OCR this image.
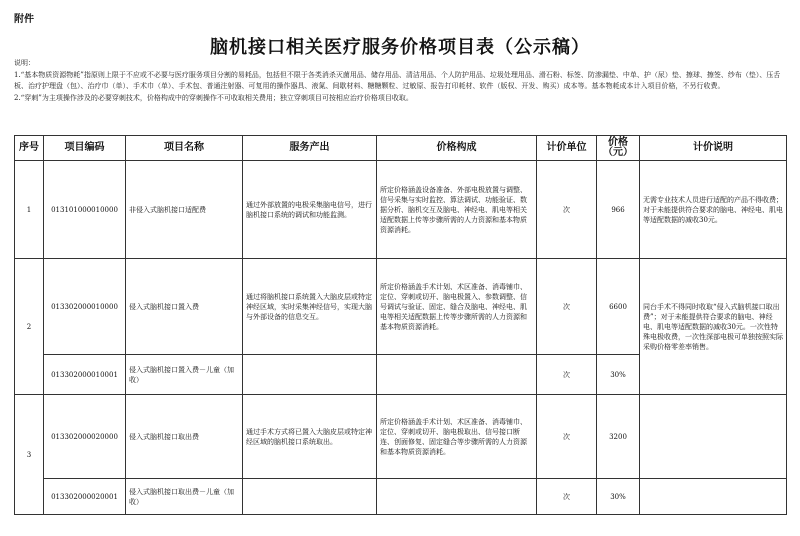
附件
脑机接口相关医疗服务价格项目表（公示稿）
说明：
1.“基本物质资源物耗”指原则上限于不应或不必要与医疗服务项目分割的易耗品，包括但不限于各类消杀灭菌用品、储存用品、清洁用品、个人防护用品、垃圾处理用品、滑石粉、标签、防渗漏垫、中单、护（尿）垫、擦球、擦签、纱布（垫）、压舌板、治疗护理盘（包）、治疗巾（单）、手术巾（单）、手术包、普通注射器、可复用的操作器具、液氮、间歇材料、糖糖颗粒、过敏原、报告打印耗材、软件（版权、开发、购买）成本等。基本物耗成本计入项目价格，不另行收费。
2.“穿刺”为主项操作涉及的必要穿刺技术，价格构成中的穿刺操作不可收取相关费用；独立穿刺项目可按相应治疗价格项目收取。
序号	项目编码	项目名称	服务产出	价格构成	计价单位	价格（元）	计价说明
1	013101000010000	非侵入式脑机接口适配费	通过外部放置的电极采集脑电信号，进行脑机接口系统的调试和功能监测。	所定价格涵盖设备准备、外部电极放置与调整、信号采集与实时监控、算法调试、功能验证、数据分析、脑机交互及脑电、神经电、肌电等相关适配数据上传等步骤所需的人力资源和基本物质资源消耗。	次	966	无需专业技术人员进行适配的产品不得收费；对于未能提供符合要求的脑电、神经电、肌电等适配数据的减收30元。
2	013302000010000	侵入式脑机接口置入费	通过将脑机接口系统置入大脑皮层或特定神经区域，实时采集神经信号，实现大脑与外部设备的信息交互。	所定价格涵盖手术计划、术区准备、消毒铺巾、定位、穿刺或切开、脑电极置入、参数调整、信号调试与验证、固定、缝合及脑电、神经电、肌电等相关适配数据上传等步骤所需的人力资源和基本物质资源消耗。	次	6600	同台手术不得同时收取“侵入式脑机接口取出费”；对于未能提供符合要求的脑电、神经电、肌电等适配数据的减收30元。一次性特殊电极收费，一次性深部电极可单独按照实际采购价格零差率销售。
	013302000010001	侵入式脑机接口置入费－儿童（加收）			次	30%	
3	013302000020000	侵入式脑机接口取出费	通过手术方式将已置入大脑皮层或特定神经区域的脑机接口系统取出。	所定价格涵盖手术计划、术区准备、消毒铺巾、定位、穿刺或切开、脑电极取出、信号接口断连、创面修复、固定缝合等步骤所需的人力资源和基本物质资源消耗。	次	3200	
	013302000020001	侵入式脑机接口取出费－儿童（加收）			次	30%	
